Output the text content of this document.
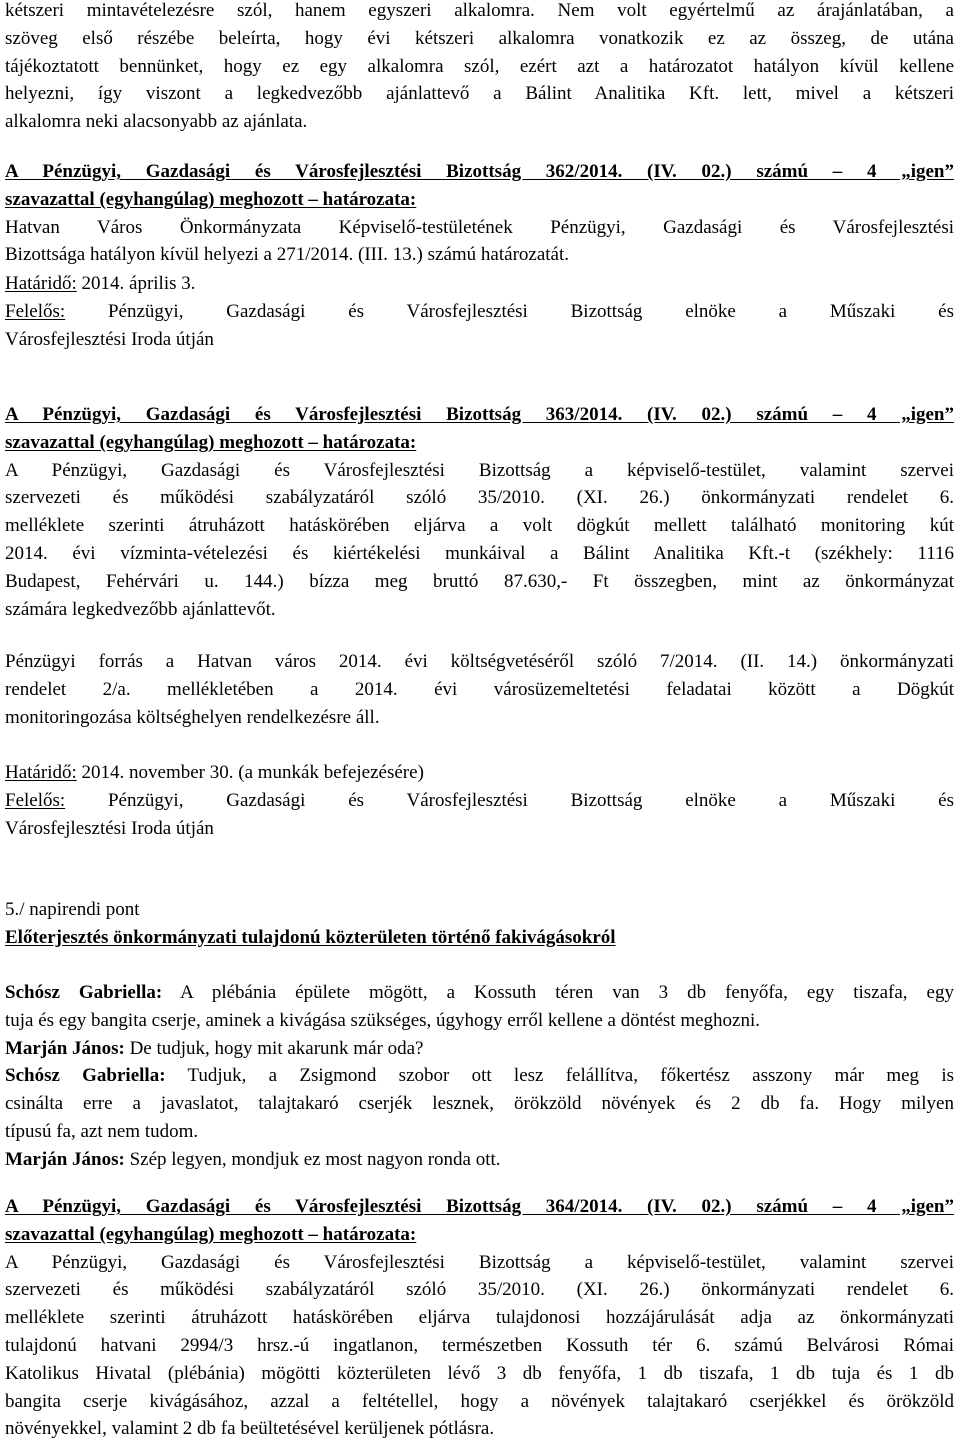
kétszeri mintavételezésre szól, hanem egyszeri alkalomra. Nem volt egyértelmű az árajánlatában, a
szöveg első részébe beleírta, hogy évi kétszeri alkalomra vonatkozik ez az összeg, de utána
tájékoztatott bennünket, hogy ez egy alkalomra szól, ezért azt a határozatot hatályon kívül kellene
helyezni, így viszont a legkedvezőbb ajánlattevő a Bálint Analitika Kft. lett, mivel a kétszeri
alkalomra neki alacsonyabb az ajánlata.
A Pénzügyi, Gazdasági és Városfejlesztési Bizottság 362/2014. (IV. 02.) számú – 4 „igen”
szavazattal (egyhangúlag) meghozott – határozata:
Hatvan Város Önkormányzata Képviselő-testületének Pénzügyi, Gazdasági és Városfejlesztési
Bizottsága hatályon kívül helyezi a 271/2014. (III. 13.) számú határozatát.
Határidő: 2014. április 3.
Felelős: Pénzügyi, Gazdasági és Városfejlesztési Bizottság elnöke a Műszaki és
Városfejlesztési Iroda útján
A Pénzügyi, Gazdasági és Városfejlesztési Bizottság 363/2014. (IV. 02.) számú – 4 „igen”
szavazattal (egyhangúlag) meghozott – határozata:
A Pénzügyi, Gazdasági és Városfejlesztési Bizottság a képviselő-testület, valamint szervei
szervezeti és működési szabályzatáról szóló 35/2010. (XI. 26.) önkormányzati rendelet 6.
melléklete szerinti átruházott hatáskörében eljárva a volt dögkút mellett található monitoring kút
2014. évi vízminta-vételezési és kiértékelési munkáival a Bálint Analitika Kft.-t (székhely: 1116
Budapest, Fehérvári u. 144.) bízza meg bruttó 87.630,- Ft összegben, mint az önkormányzat
számára legkedvezőbb ajánlattevőt.
Pénzügyi forrás a Hatvan város 2014. évi költségvetéséről szóló 7/2014. (II. 14.) önkormányzati
rendelet 2/a. mellékletében a 2014. évi városüzemeltetési feladatai között a Dögkút
monitoringozása költséghelyen rendelkezésre áll.
Határidő: 2014. november 30. (a munkák befejezésére)
Felelős: Pénzügyi, Gazdasági és Városfejlesztési Bizottság elnöke a Műszaki és
Városfejlesztési Iroda útján
5./ napirendi pont
Előterjesztés önkormányzati tulajdonú közterületen történő fakivágásokról
Schósz Gabriella: A plébánia épülete mögött, a Kossuth téren van 3 db fenyőfa, egy tiszafa, egy
tuja és egy bangita cserje, aminek a kivágása szükséges, úgyhogy erről kellene a döntést meghozni.
Marján János: De tudjuk, hogy mit akarunk már oda?
Schósz Gabriella: Tudjuk, a Zsigmond szobor ott lesz felállítva, főkertész asszony már meg is
csinálta erre a javaslatot, talajtakaró cserjék lesznek, örökzöld növények és 2 db fa. Hogy milyen
típusú fa, azt nem tudom.
Marján János: Szép legyen, mondjuk ez most nagyon ronda ott.
A Pénzügyi, Gazdasági és Városfejlesztési Bizottság 364/2014. (IV. 02.) számú – 4 „igen”
szavazattal (egyhangúlag) meghozott – határozata:
A Pénzügyi, Gazdasági és Városfejlesztési Bizottság a képviselő-testület, valamint szervei
szervezeti és működési szabályzatáról szóló 35/2010. (XI. 26.) önkormányzati rendelet 6.
melléklete szerinti átruházott hatáskörében eljárva tulajdonosi hozzájárulását adja az önkormányzati
tulajdonú hatvani 2994/3 hrsz.-ú ingatlanon, természetben Kossuth tér 6. számú Belvárosi Római
Katolikus Hivatal (plébánia) mögötti közterületen lévő 3 db fenyőfa, 1 db tiszafa, 1 db tuja és 1 db
bangita cserje kivágásához, azzal a feltétellel, hogy a növények talajtakaró cserjékkel és örökzöld
növényekkel, valamint 2 db fa beültetésével kerüljenek pótlásra.
